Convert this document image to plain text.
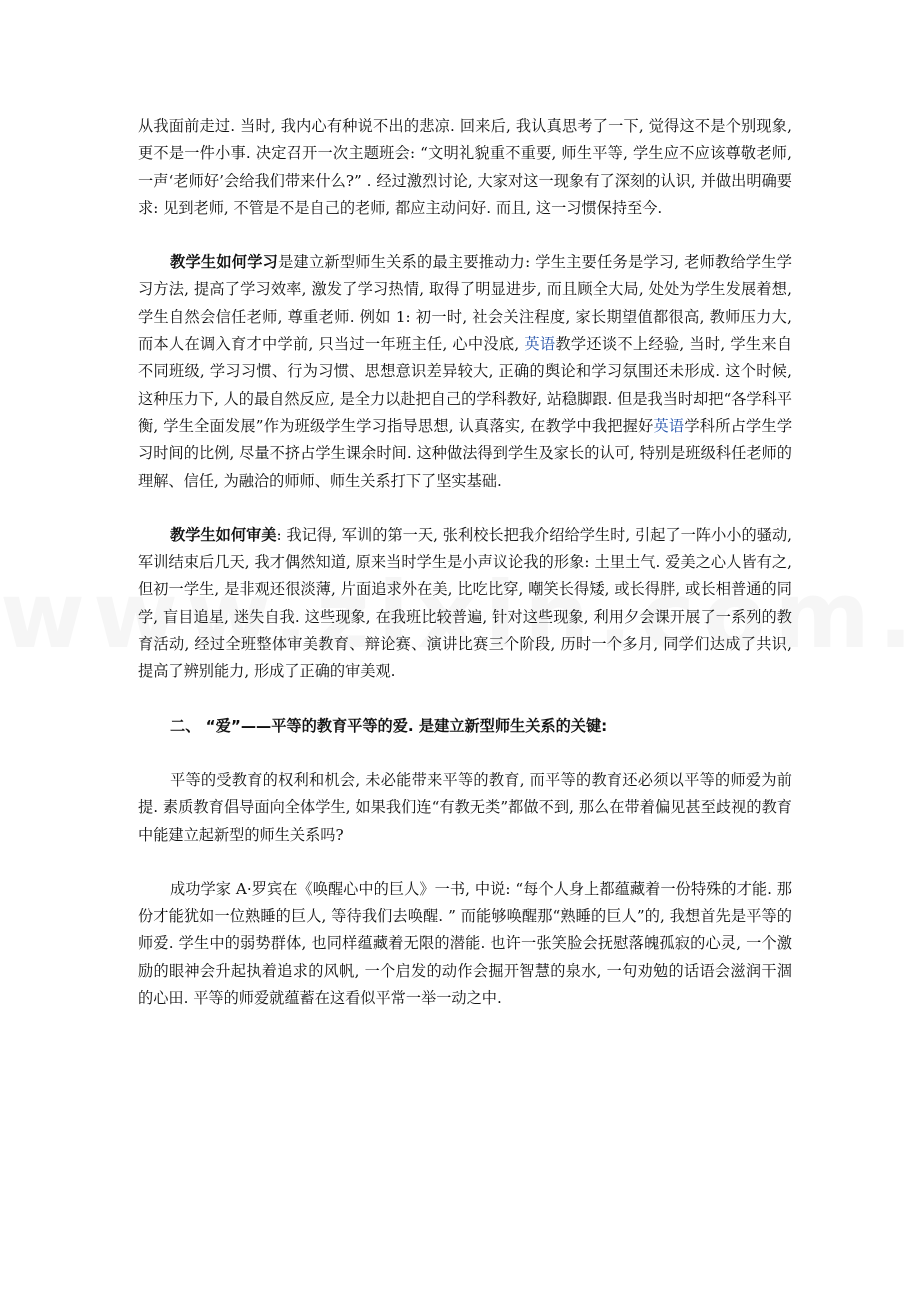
从我面前走过. 当时, 我内心有种说不出的悲凉. 回来后, 我认真思考了一下, 觉得这不是个别现象, 更不是一件小事. 决定召开一次主题班会: “文明礼貌重不重要, 师生平等, 学生应不应该尊敬老师, 一声‘老师好’会给我们带来什么?” . 经过激烈讨论, 大家对这一现象有了深刻的认识, 并做出明确要求: 见到老师, 不管是不是自己的老师, 都应主动问好. 而且, 这一习惯保持至今.

教学生如何学习是建立新型师生关系的最主要推动力: 学生主要任务是学习, 老师教给学生学习方法, 提高了学习效率, 激发了学习热情, 取得了明显进步, 而且顾全大局, 处处为学生发展着想, 学生自然会信任老师, 尊重老师. 例如 1: 初一时, 社会关注程度, 家长期望值都很高, 教师压力大, 而本人在调入育才中学前, 只当过一年班主任, 心中没底, 英语教学还谈不上经验, 当时, 学生来自不同班级, 学习习惯、行为习惯、思想意识差异较大, 正确的舆论和学习氛围还未形成. 这个时候, 这种压力下, 人的最自然反应, 是全力以赴把自己的学科教好, 站稳脚跟. 但是我当时却把“各学科平衡, 学生全面发展”作为班级学生学习指导思想, 认真落实, 在教学中我把握好英语学科所占学生学习时间的比例, 尽量不挤占学生课余时间. 这种做法得到学生及家长的认可, 特别是班级科任老师的理解、信任, 为融洽的师师、师生关系打下了坚实基础.

教学生如何审美: 我记得, 军训的第一天, 张利校长把我介绍给学生时, 引起了一阵小小的骚动, 军训结束后几天, 我才偶然知道, 原来当时学生是小声议论我的形象: 土里土气. 爱美之心人皆有之, 但初一学生, 是非观还很淡薄, 片面追求外在美, 比吃比穿, 嘲笑长得矮, 或长得胖, 或长相普通的同学, 盲目追星, 迷失自我. 这些现象, 在我班比较普遍, 针对这些现象, 利用夕会课开展了一系列的教育活动, 经过全班整体审美教育、辩论赛、演讲比赛三个阶段, 历时一个多月, 同学们达成了共识, 提高了辨别能力, 形成了正确的审美观.

二、 “爱”——平等的教育平等的爱. 是建立新型师生关系的关键:

平等的受教育的权利和机会, 未必能带来平等的教育, 而平等的教育还必须以平等的师爱为前提. 素质教育倡导面向全体学生, 如果我们连“有教无类”都做不到, 那么在带着偏见甚至歧视的教育中能建立起新型的师生关系吗?

成功学家 A·罗宾在《唤醒心中的巨人》一书, 中说: “每个人身上都蕴藏着一份特殊的才能. 那份才能犹如一位熟睡的巨人, 等待我们去唤醒. ” 而能够唤醒那“熟睡的巨人”的, 我想首先是平等的师爱. 学生中的弱势群体, 也同样蕴藏着无限的潜能. 也许一张笑脸会抚慰落魄孤寂的心灵, 一个激励的眼神会升起执着追求的风帆, 一个启发的动作会掘开智慧的泉水, 一句劝勉的话语会滋润干涸的心田. 平等的师爱就蕴蓄在这看似平常一举一动之中.
